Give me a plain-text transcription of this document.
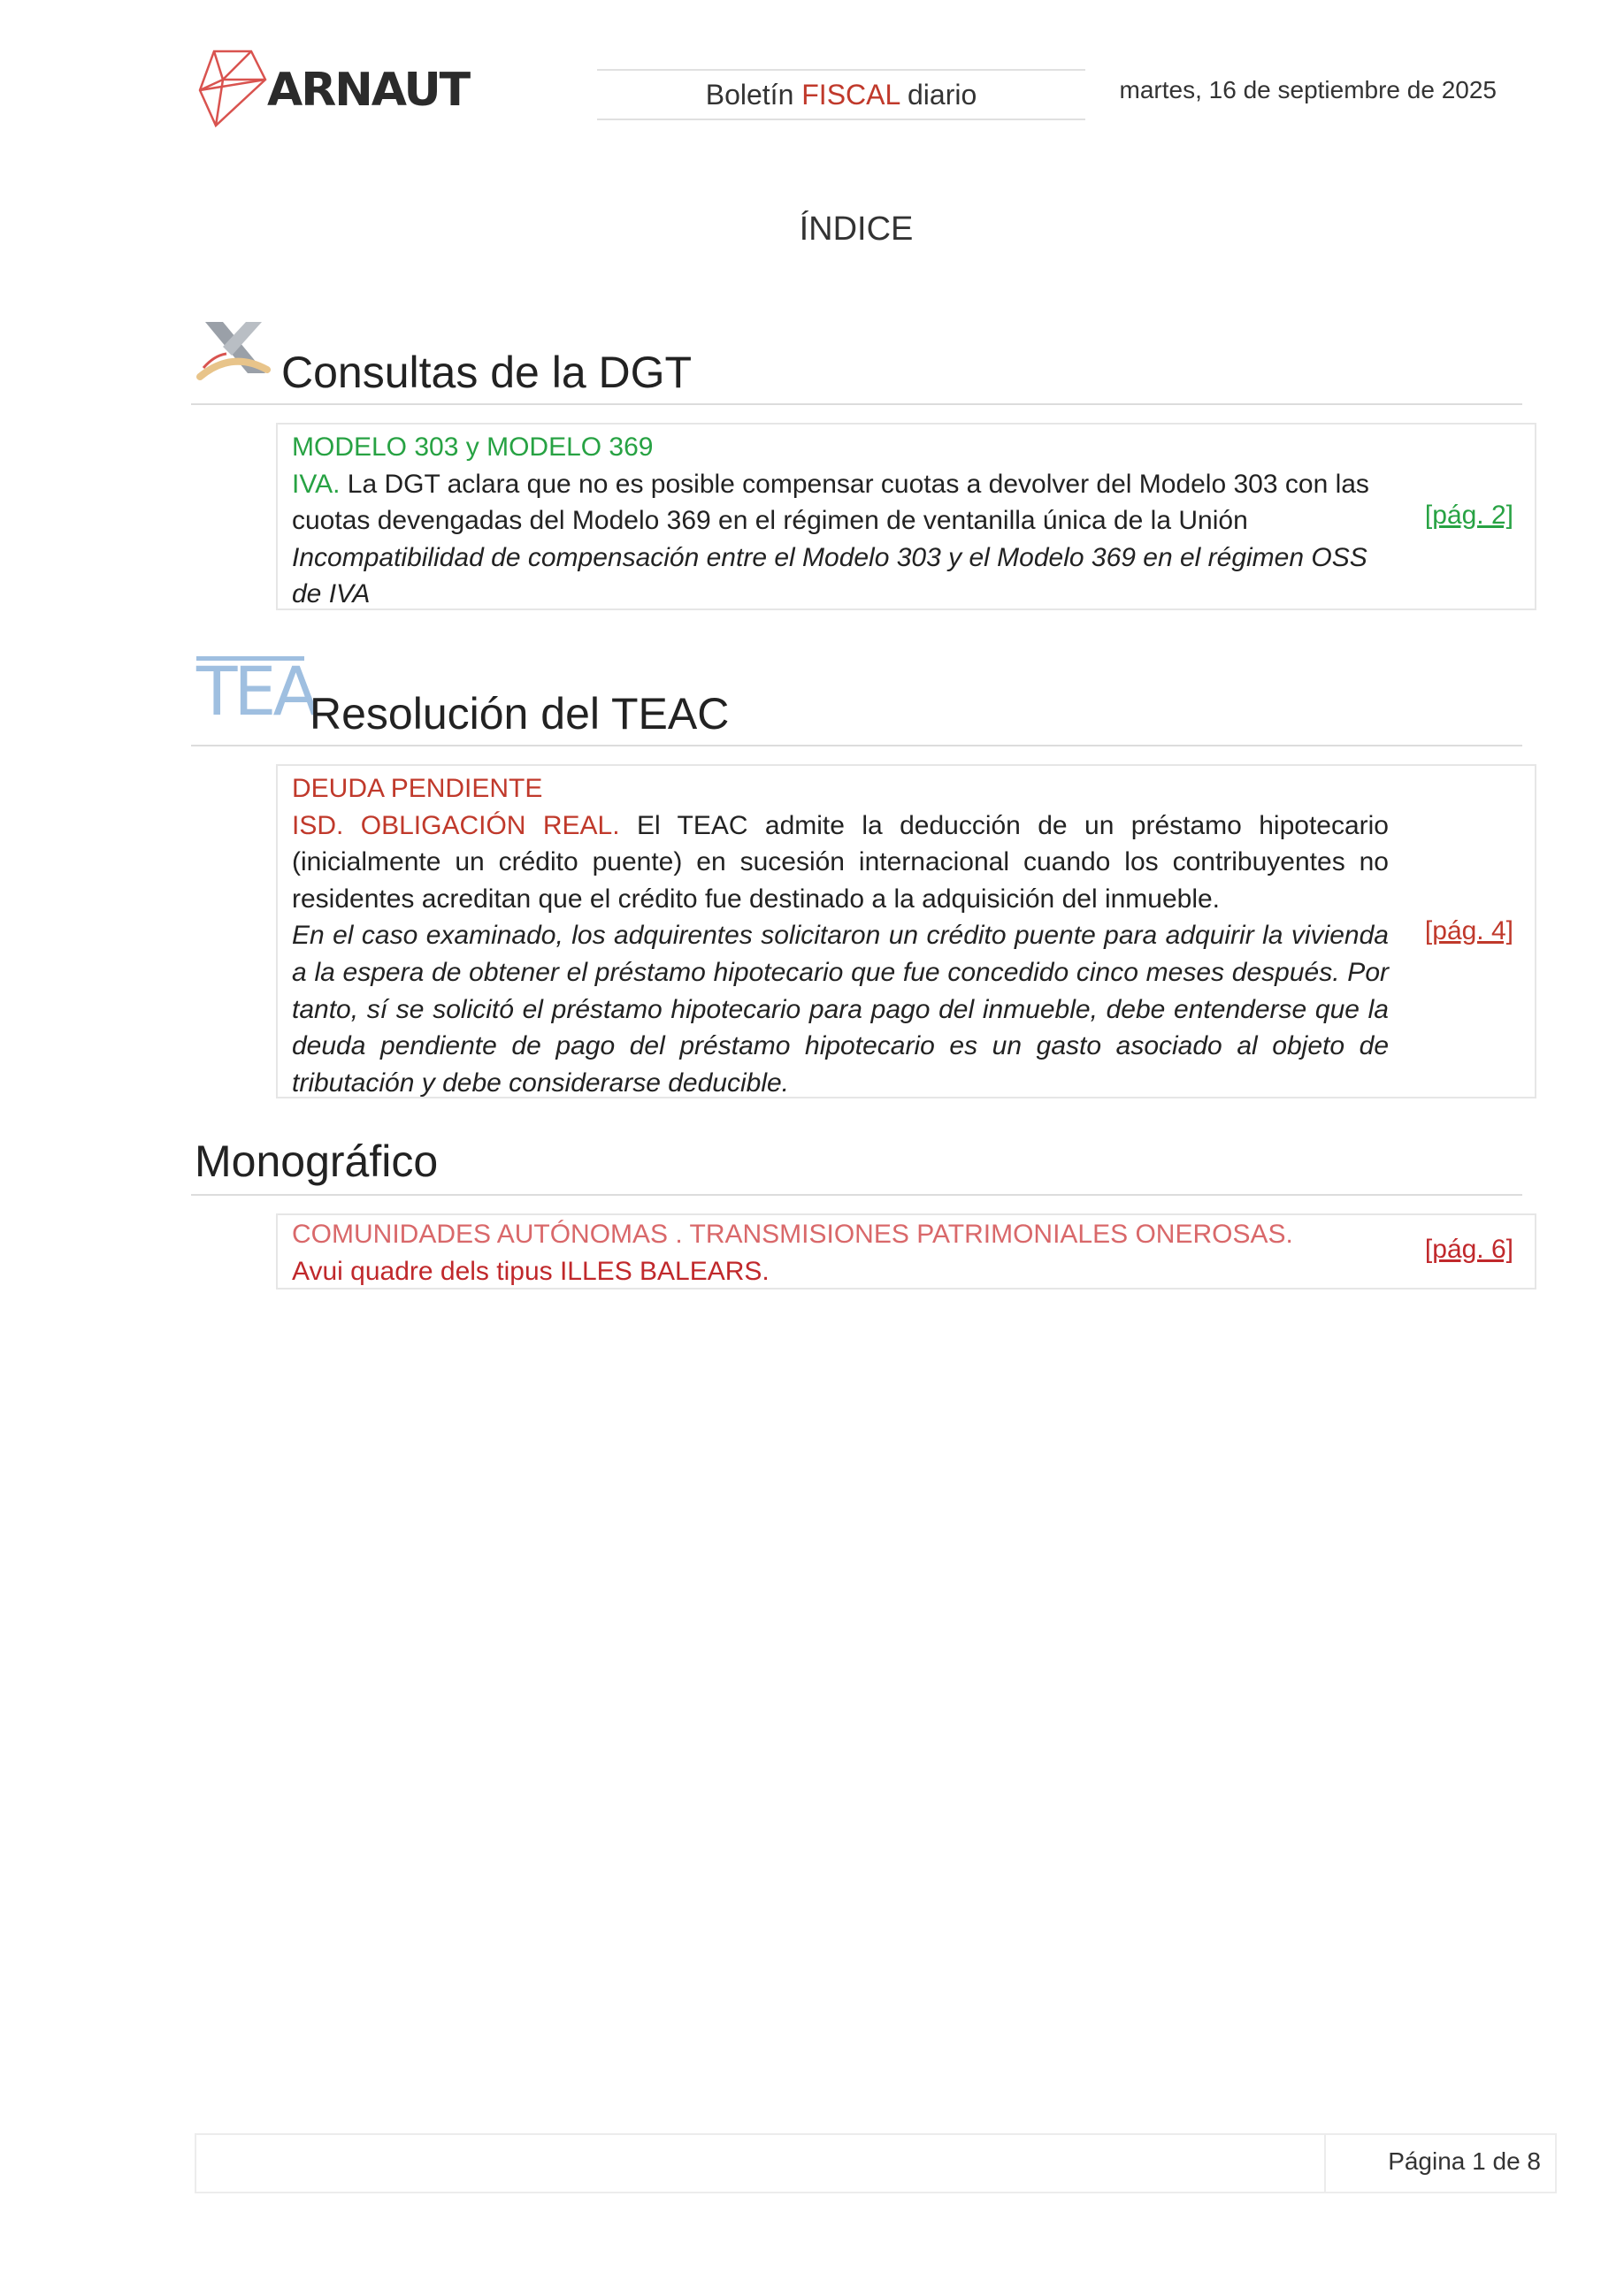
ARNAUT	Boletín FISCAL diario	martes, 16 de septiembre de 2025
ÍNDICE
Consultas de la DGT

MODELO 303 y MODELO 369

IVA. La DGT aclara que no es posible compensar cuotas a devolver del Modelo 303 con las cuotas devengadas del Modelo 369 en el régimen de ventanilla única de la Unión

Incompatibilidad de compensación entre el Modelo 303 y el Modelo 369 en el régimen OSS de IVA

[pág. 2]
TEA
Resolución del TEAC

DEUDA PENDIENTE

ISD. OBLIGACIÓN REAL. El TEAC admite la deducción de un préstamo hipotecario (inicialmente un crédito puente) en sucesión internacional cuando los contribuyentes no residentes acreditan que el crédito fue destinado a la adquisición del inmueble.

En el caso examinado, los adquirentes solicitaron un crédito puente para adquirir la vivienda a la espera de obtener el préstamo hipotecario que fue concedido cinco meses después. Por tanto, sí se solicitó el préstamo hipotecario para pago del inmueble, debe entenderse que la deuda pendiente de pago del préstamo hipotecario es un gasto asociado al objeto de tributación y debe considerarse deducible.

[pág. 4]
Monográfico

COMUNIDADES AUTÓNOMAS . TRANSMISIONES PATRIMONIALES ONEROSAS.

Avui quadre dels tipus ILLES BALEARS.

[pág. 6]
Página 1 de 8
